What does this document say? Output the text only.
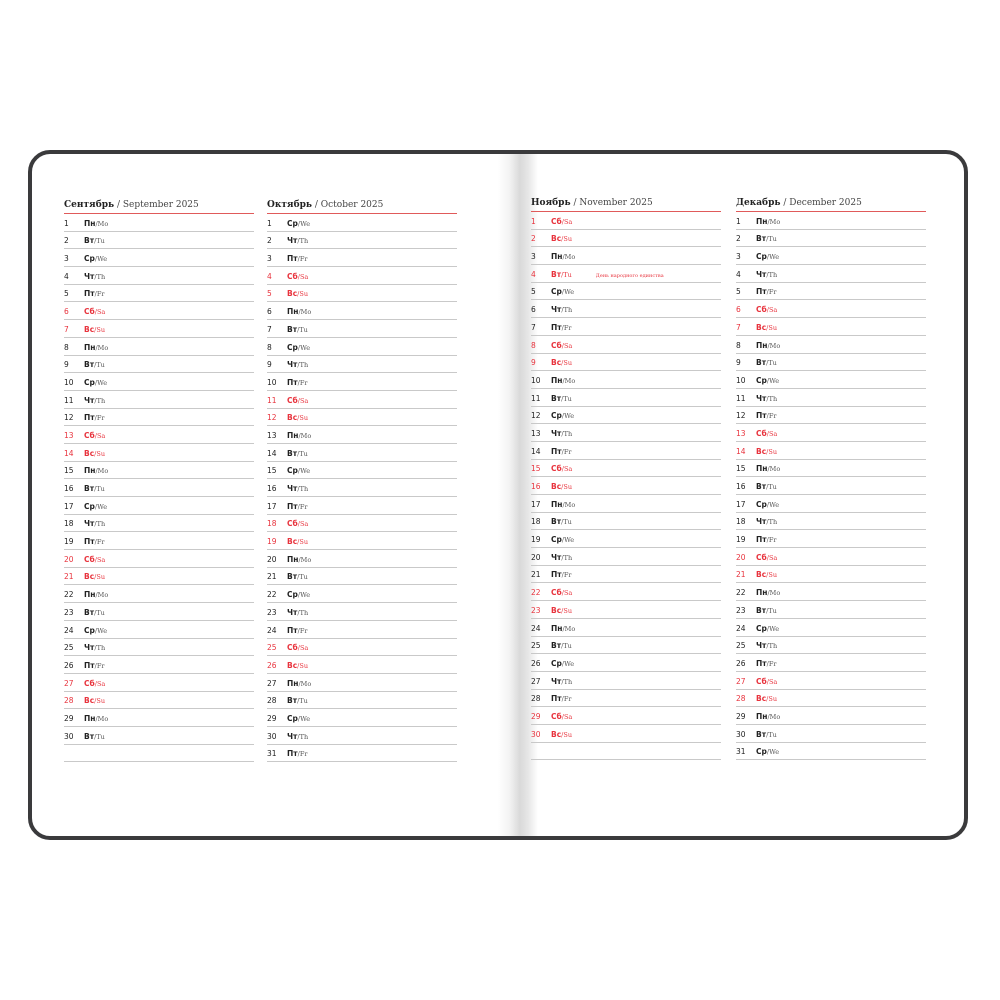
Сентябрь / September 2025
1	Пн /Mo
2	Вт /Tu
3	Ср /We
4	Чт /Th
5	Пт /Fr
6	Сб /Sa
7	Вс /Su
8	Пн /Mo
9	Вт /Tu
10	Ср /We
11	Чт /Th
12	Пт /Fr
13	Сб /Sa
14	Вс /Su
15	Пн /Mo
16	Вт /Tu
17	Ср /We
18	Чт /Th
19	Пт /Fr
20	Сб /Sa
21	Вс /Su
22	Пн /Mo
23	Вт /Tu
24	Ср /We
25	Чт /Th
26	Пт /Fr
27	Сб /Sa
28	Вс /Su
29	Пн /Mo
30	Вт /Tu
Октябрь / October 2025
1	Ср /We
2	Чт /Th
3	Пт /Fr
4	Сб /Sa
5	Вс /Su
6	Пн /Mo
7	Вт /Tu
8	Ср /We
9	Чт /Th
10	Пт /Fr
11	Сб /Sa
12	Вс /Su
13	Пн /Mo
14	Вт /Tu
15	Ср /We
16	Чт /Th
17	Пт /Fr
18	Сб /Sa
19	Вс /Su
20	Пн /Mo
21	Вт /Tu
22	Ср /We
23	Чт /Th
24	Пт /Fr
25	Сб /Sa
26	Вс /Su
27	Пн /Mo
28	Вт /Tu
29	Ср /We
30	Чт /Th
31	Пт /Fr
Ноябрь / November 2025
1	Сб /Sa
2	Вс /Su
3	Пн /Mo
4	Вт /Tu	День народного единства
5	Ср /We
6	Чт /Th
7	Пт /Fr
8	Сб /Sa
9	Вс /Su
10	Пн /Mo
11	Вт /Tu
12	Ср /We
13	Чт /Th
14	Пт /Fr
15	Сб /Sa
16	Вс /Su
17	Пн /Mo
18	Вт /Tu
19	Ср /We
20	Чт /Th
21	Пт /Fr
22	Сб /Sa
23	Вс /Su
24	Пн /Mo
25	Вт /Tu
26	Ср /We
27	Чт /Th
28	Пт /Fr
29	Сб /Sa
30	Вс /Su
Декабрь / December 2025
1	Пн /Mo
2	Вт /Tu
3	Ср /We
4	Чт /Th
5	Пт /Fr
6	Сб /Sa
7	Вс /Su
8	Пн /Mo
9	Вт /Tu
10	Ср /We
11	Чт /Th
12	Пт /Fr
13	Сб /Sa
14	Вс /Su
15	Пн /Mo
16	Вт /Tu
17	Ср /We
18	Чт /Th
19	Пт /Fr
20	Сб /Sa
21	Вс /Su
22	Пн /Mo
23	Вт /Tu
24	Ср /We
25	Чт /Th
26	Пт /Fr
27	Сб /Sa
28	Вс /Su
29	Пн /Mo
30	Вт /Tu
31	Ср /We
